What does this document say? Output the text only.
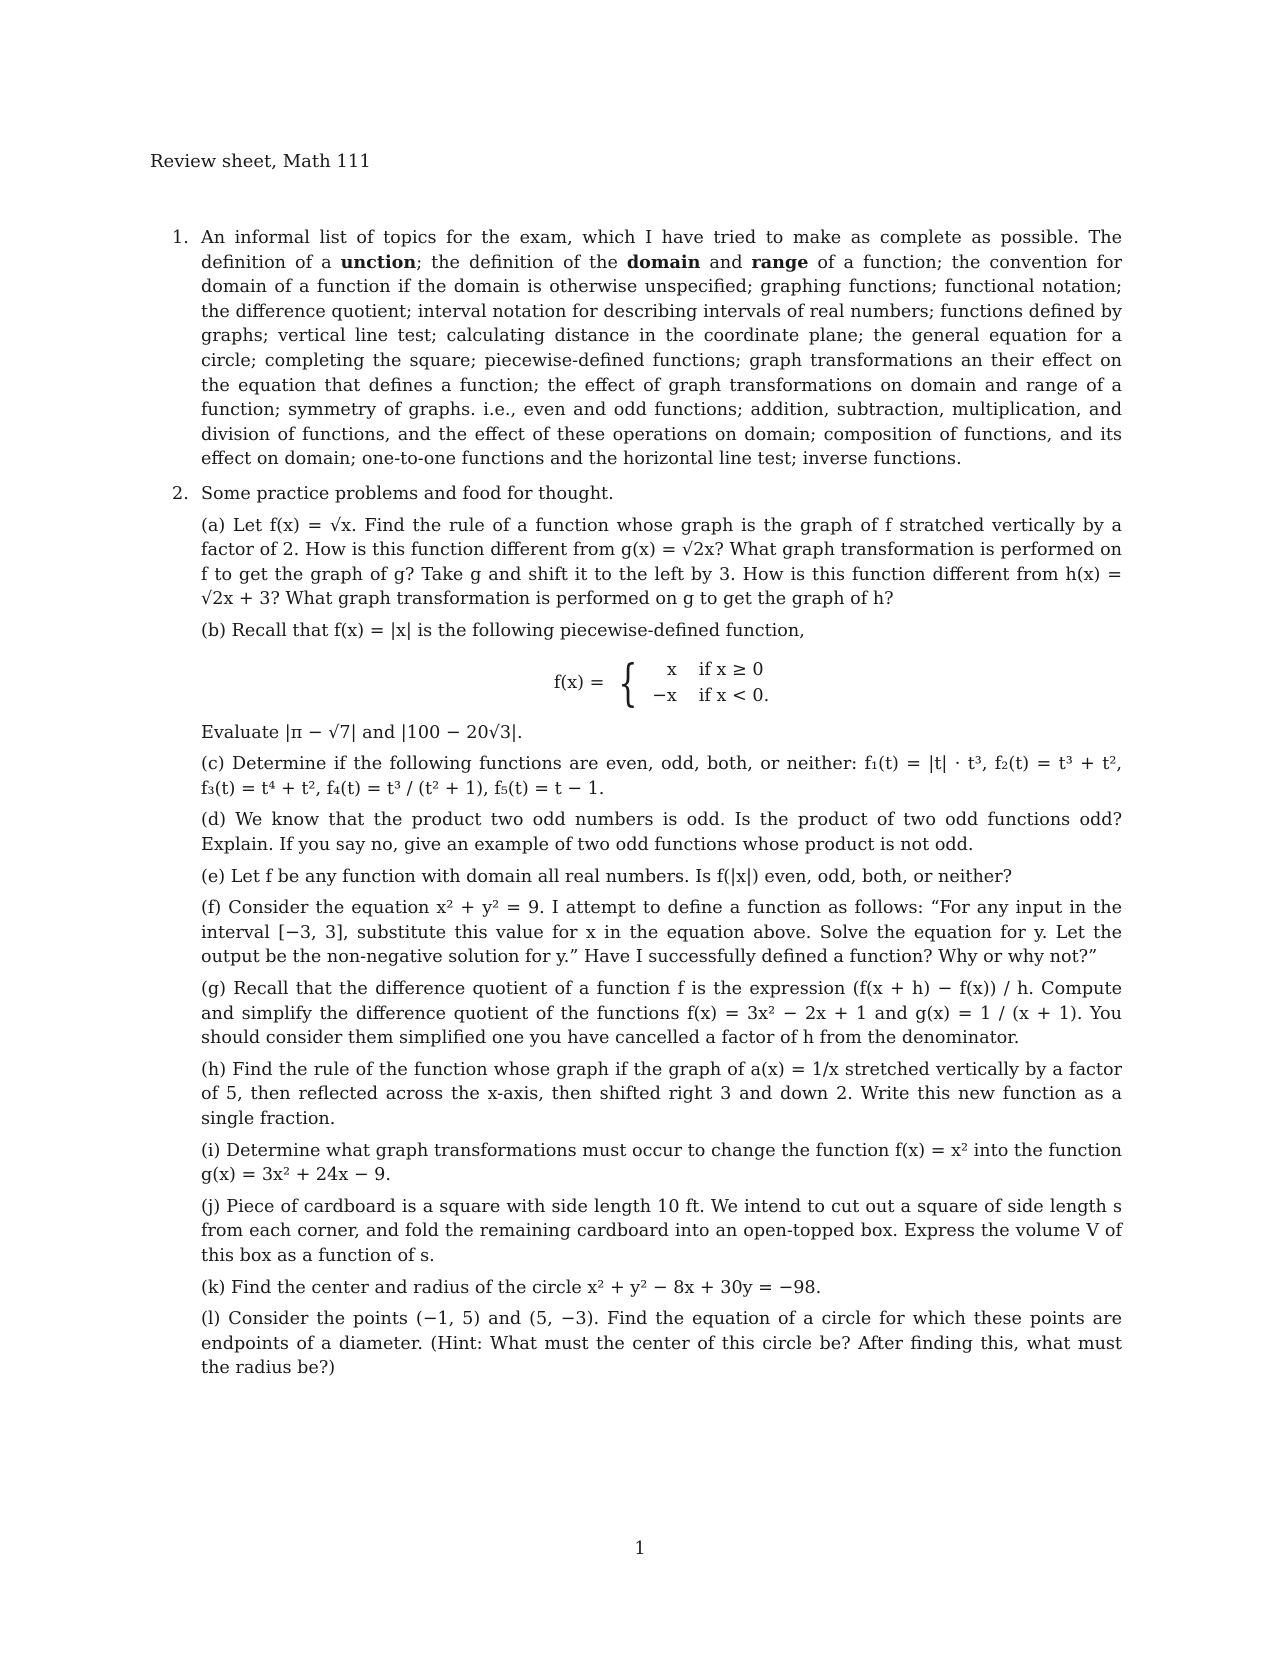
Review sheet, Math 111
1. An informal list of topics for the exam, which I have tried to make as complete as possible. The definition of a unction; the definition of the domain and range of a function; the convention for domain of a function if the domain is otherwise unspecified; graphing functions; functional notation; the difference quotient; interval notation for describing intervals of real numbers; functions defined by graphs; vertical line test; calculating distance in the coordinate plane; the general equation for a circle; completing the square; piecewise-defined functions; graph transformations an their effect on the equation that defines a function; the effect of graph transformations on domain and range of a function; symmetry of graphs. i.e., even and odd functions; addition, subtraction, multiplication, and division of functions, and the effect of these operations on domain; composition of functions, and its effect on domain; one-to-one functions and the horizontal line test; inverse functions.
2. Some practice problems and food for thought.
(a) Let f(x) = √x. Find the rule of a function whose graph is the graph of f stratched vertically by a factor of 2. How is this function different from g(x) = √2x? What graph transformation is performed on f to get the graph of g? Take g and shift it to the left by 3. How is this function different from h(x) = √2x + 3? What graph transformation is performed on g to get the graph of h?
(b) Recall that f(x) = |x| is the following piecewise-defined function,
f(x) = {	x if x ≥ 0
−x if x < 0.
Evaluate |π − √7| and |100 − 20√3|.
(c) Determine if the following functions are even, odd, both, or neither: f₁(t) = |t| · t³, f₂(t) = t³ + t², f₃(t) = t⁴ + t², f₄(t) = t³ / (t² + 1), f₅(t) = t − 1.
(d) We know that the product two odd numbers is odd. Is the product of two odd functions odd? Explain. If you say no, give an example of two odd functions whose product is not odd.
(e) Let f be any function with domain all real numbers. Is f(|x|) even, odd, both, or neither?
(f) Consider the equation x² + y² = 9. I attempt to define a function as follows: “For any input in the interval [−3, 3], substitute this value for x in the equation above. Solve the equation for y. Let the output be the non-negative solution for y.” Have I successfully defined a function? Why or why not?”
(g) Recall that the difference quotient of a function f is the expression (f(x + h) − f(x)) / h. Compute and simplify the difference quotient of the functions f(x) = 3x² − 2x + 1 and g(x) = 1 / (x + 1). You should consider them simplified one you have cancelled a factor of h from the denominator.
(h) Find the rule of the function whose graph if the graph of a(x) = 1/x stretched vertically by a factor of 5, then reflected across the x-axis, then shifted right 3 and down 2. Write this new function as a single fraction.
(i) Determine what graph transformations must occur to change the function f(x) = x² into the function g(x) = 3x² + 24x − 9.
(j) Piece of cardboard is a square with side length 10 ft. We intend to cut out a square of side length s from each corner, and fold the remaining cardboard into an open-topped box. Express the volume V of this box as a function of s.
(k) Find the center and radius of the circle x² + y² − 8x + 30y = −98.
(l) Consider the points (−1, 5) and (5, −3). Find the equation of a circle for which these points are endpoints of a diameter. (Hint: What must the center of this circle be? After finding this, what must the radius be?)
1
